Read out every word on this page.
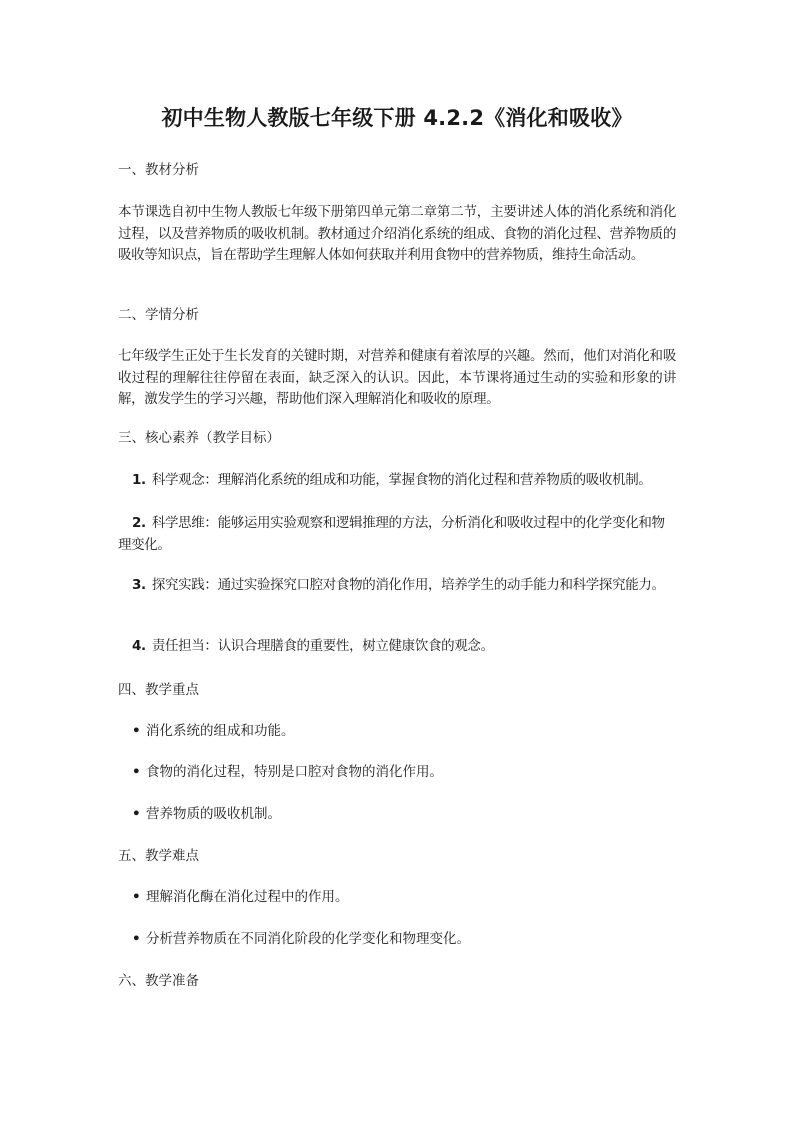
初中生物人教版七年级下册 4.2.2《消化和吸收》
一、教材分析
本节课选自初中生物人教版七年级下册第四单元第二章第二节，主要讲述人体的消化系统和消化过程，以及营养物质的吸收机制。教材通过介绍消化系统的组成、食物的消化过程、营养物质的吸收等知识点，旨在帮助学生理解人体如何获取并利用食物中的营养物质，维持生命活动。
二、学情分析
七年级学生正处于生长发育的关键时期，对营养和健康有着浓厚的兴趣。然而，他们对消化和吸收过程的理解往往停留在表面，缺乏深入的认识。因此，本节课将通过生动的实验和形象的讲解，激发学生的学习兴趣，帮助他们深入理解消化和吸收的原理。
三、核心素养（教学目标）
1. 科学观念：理解消化系统的组成和功能，掌握食物的消化过程和营养物质的吸收机制。
2. 科学思维：能够运用实验观察和逻辑推理的方法，分析消化和吸收过程中的化学变化和物理变化。
3. 探究实践：通过实验探究口腔对食物的消化作用，培养学生的动手能力和科学探究能力。
4. 责任担当：认识合理膳食的重要性，树立健康饮食的观念。
四、教学重点
• 消化系统的组成和功能。
• 食物的消化过程，特别是口腔对食物的消化作用。
• 营养物质的吸收机制。
五、教学难点
• 理解消化酶在消化过程中的作用。
• 分析营养物质在不同消化阶段的化学变化和物理变化。
六、教学准备
